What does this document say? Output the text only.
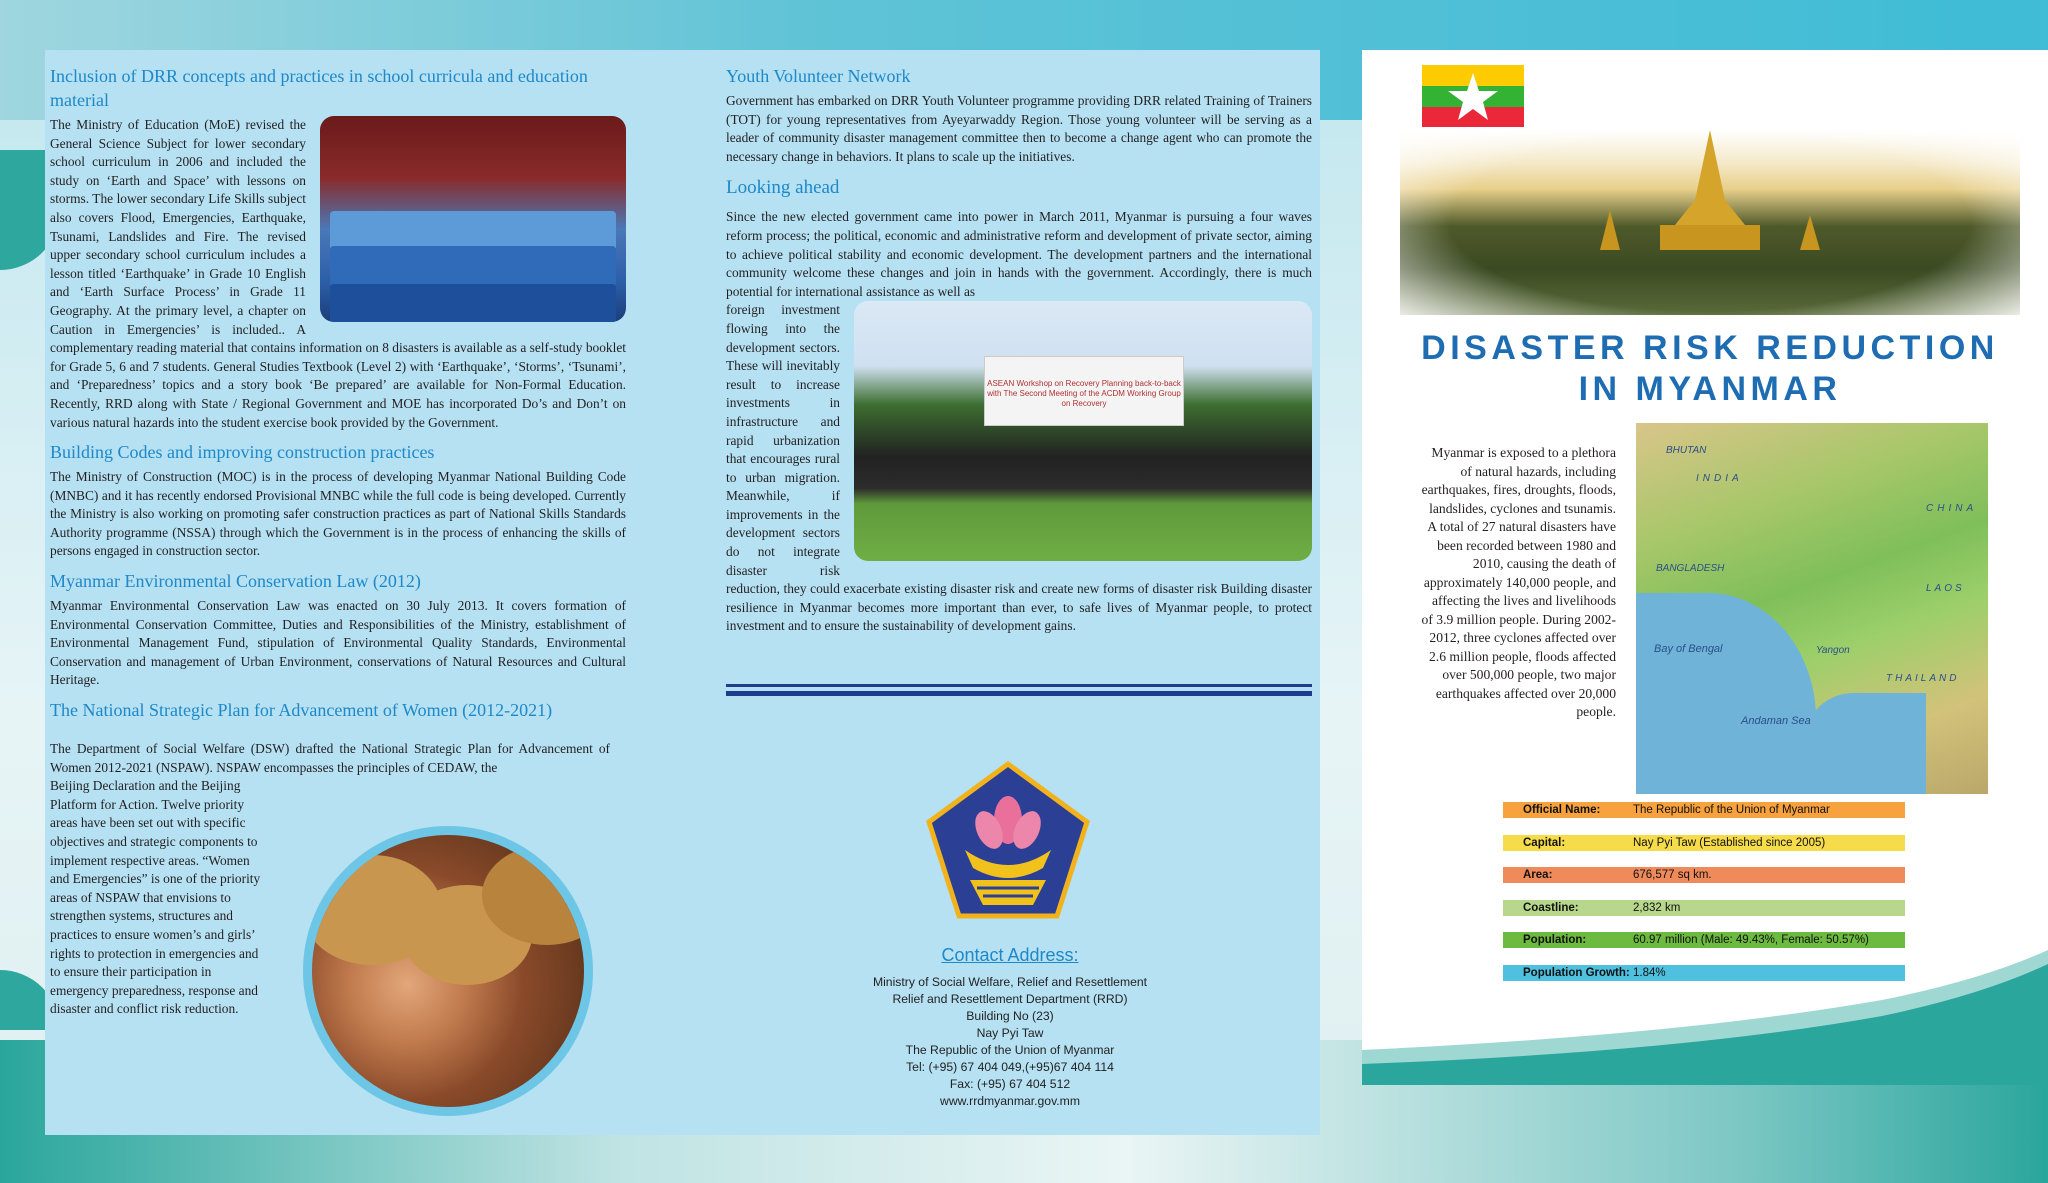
Inclusion of DRR concepts and practices in school curricula and education material

The Ministry of Education (MoE) revised the General Science Subject for lower secondary school curriculum in 2006 and included the study on ‘Earth and Space’ with lessons on storms. The lower secondary Life Skills subject also covers Flood, Emergencies, Earthquake, Tsunami, Landslides and Fire. The revised upper secondary school curriculum includes a lesson titled ‘Earthquake’ in Grade 10 English and ‘Earth Surface Process’ in Grade 11 Geography. At the primary level, a chapter on Caution in Emergencies’ is included.. A complementary reading material that contains information on 8 disasters is available as a self-study booklet for Grade 5, 6 and 7 students. General Studies Textbook (Level 2) with ‘Earthquake’, ‘Storms’, ‘Tsunami’, and ‘Preparedness’ topics and a story book ‘Be prepared’ are available for Non-Formal Education. Recently, RRD along with State / Regional Government and MOE has incorporated Do’s and Don’t on various natural hazards into the student exercise book provided by the Government.

Building Codes and improving construction practices

The Ministry of Construction (MOC) is in the process of developing Myanmar National Building Code (MNBC) and it has recently endorsed Provisional MNBC while the full code is being developed. Currently the Ministry is also working on promoting safer construction practices as part of National Skills Standards Authority programme (NSSA) through which the Government is in the process of enhancing the skills of persons engaged in construction sector.

Myanmar Environmental Conservation Law (2012)

Myanmar Environmental Conservation Law was enacted on 30 July 2013. It covers formation of Environmental Conservation Committee, Duties and Responsibilities of the Ministry, establishment of Environmental Management Fund, stipulation of Environmental Quality Standards, Environmental Conservation and management of Urban Environment, conservations of Natural Resources and Cultural Heritage.

The National Strategic Plan for Advancement of Women (2012-2021)

The Department of Social Welfare (DSW) drafted the National Strategic Plan for Advancement of Women 2012-2021 (NSPAW). NSPAW encompasses the principles of CEDAW, the

Beijing Declaration and the Beijing Platform for Action. Twelve priority areas have been set out with specific objectives and strategic components to implement respective areas. “Women and Emergencies” is one of the priority areas of NSPAW that envisions to strengthen systems, structures and practices to ensure women’s and girls’ rights to protection in emergencies and to ensure their participation in emergency preparedness, response and disaster and conflict risk reduction.

Youth Volunteer Network

Government has embarked on DRR Youth Volunteer programme providing DRR related Training of Trainers (TOT) for young representatives from Ayeyarwaddy Region. Those young volunteer will be serving as a leader of community disaster management committee then to become a change agent who can promote the necessary change in behaviors. It plans to scale up the initiatives.

Looking ahead

Since the new elected government came into power in March 2011, Myanmar is pursuing a four waves reform process; the political, economic and administrative reform and development of private sector, aiming to achieve political stability and economic development. The development partners and the international community welcome these changes and join in hands with the government. Accordingly, there is much potential for international assistance as well as

ASEAN Workshop on Recovery Planning back-to-back with The Second Meeting of the ACDM Working Group on Recovery

foreign investment flowing into the development sectors. These will inevitably result to increase investments in infrastructure and rapid urbanization that encourages rural to urban migration. Meanwhile, if improvements in the development sectors do not integrate disaster risk reduction, they could exacerbate existing disaster risk and create new forms of disaster risk Building disaster resilience in Myanmar becomes more important than ever, to safe lives of Myanmar people, to protect investment and to ensure the sustainability of development gains.

Contact Address:
Ministry of Social Welfare, Relief and Resettlement
Relief and Resettlement Department (RRD)
Building No (23)
Nay Pyi Taw
The Republic of the Union of Myanmar
Tel: (+95) 67 404 049,(+95)67 404 114
Fax: (+95) 67 404 512
www.rrdmyanmar.gov.mm
DISASTER RISK REDUCTION
IN MYANMAR

Myanmar is exposed to a plethora of natural hazards, including earthquakes, fires, droughts, floods, landslides, cyclones and tsunamis. A total of 27 natural disasters have been recorded between 1980 and 2010, causing the death of approximately 140,000 people, and affecting the lives and livelihoods of 3.9 million people. During 2002-2012, three cyclones affected over 2.6 million people, floods affected over 500,000 people, two major earthquakes affected over 20,000 people.

BHUTAN
INDIA
BANGLADESH
CHINA
LAOS
THAILAND
Bay of Bengal	Yangon
Andaman Sea
Official Name:	The Republic of the Union of Myanmar
Capital:	Nay Pyi Taw (Established since 2005)
Area:	676,577 sq km.
Coastline:	2,832 km
Population:	60.97 million (Male: 49.43%, Female: 50.57%)
Population Growth: 1.84%
